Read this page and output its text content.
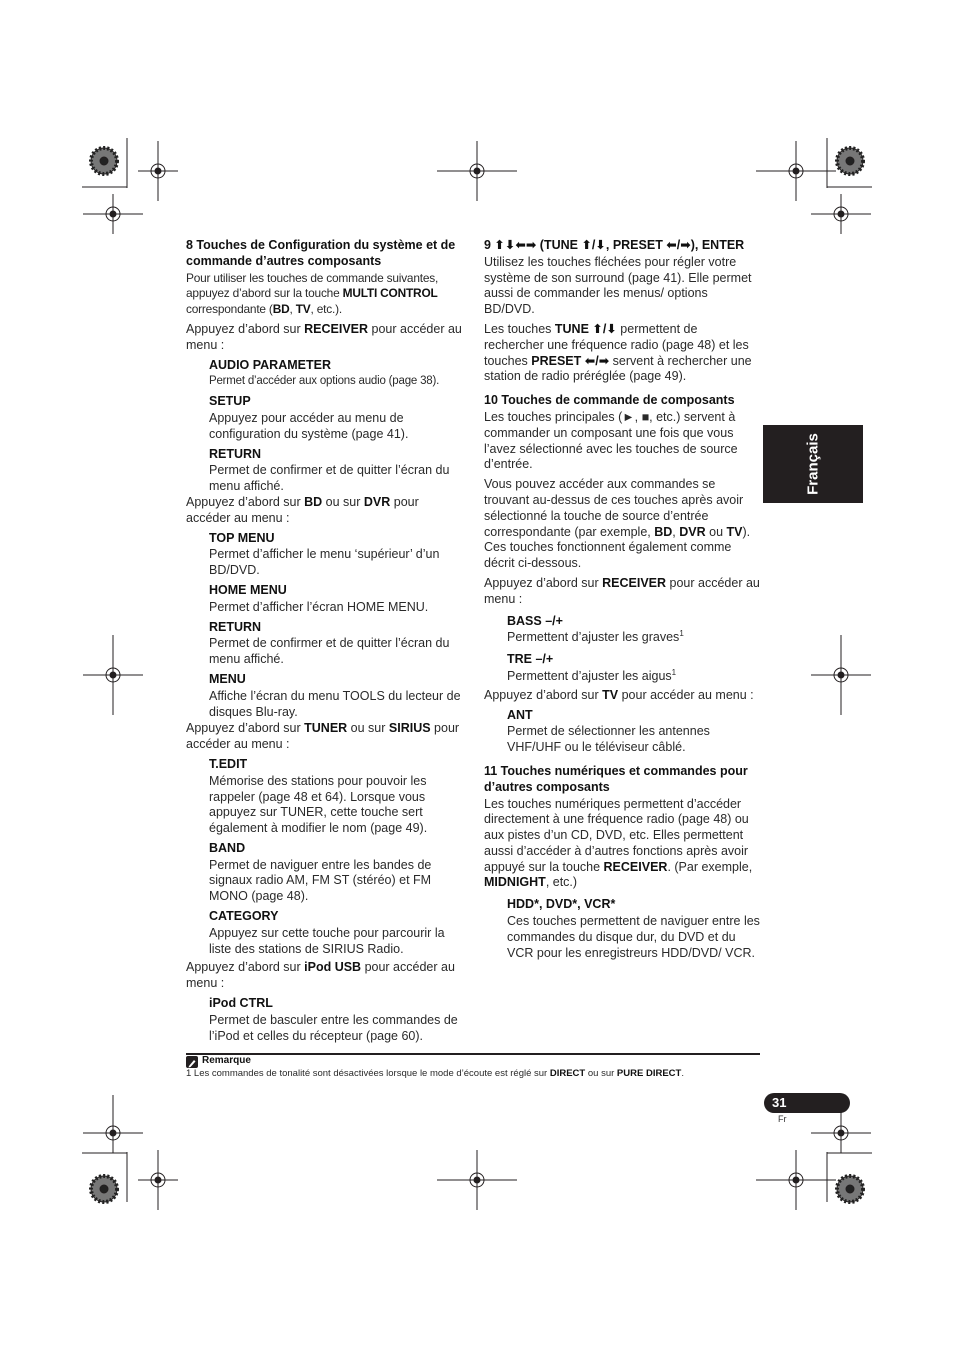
8 Touches de Configuration du système et de commande d’autres composants
Pour utiliser les touches de commande suivantes, appuyez d’abord sur la touche MULTI CONTROL correspondante (BD, TV, etc.).
Appuyez d’abord sur RECEIVER pour accéder au menu :
AUDIO PARAMETER
Permet d’accéder aux options audio (page 38).
SETUP
Appuyez pour accéder au menu de configuration du système (page 41).
RETURN
Permet de confirmer et de quitter l’écran du menu affiché.
Appuyez d’abord sur BD ou sur DVR pour accéder au menu :
TOP MENU
Permet d’afficher le menu ‘supérieur’ d’un BD/DVD.
HOME MENU
Permet d’afficher l’écran HOME MENU.
RETURN
Permet de confirmer et de quitter l’écran du menu affiché.
MENU
Affiche l’écran du menu TOOLS du lecteur de disques Blu-ray.
Appuyez d’abord sur TUNER ou sur SIRIUS pour accéder au menu :
T.EDIT
Mémorise des stations pour pouvoir les rappeler (page 48 et 64). Lorsque vous appuyez sur TUNER, cette touche sert également à modifier le nom (page 49).
BAND
Permet de naviguer entre les bandes de signaux radio AM, FM ST (stéréo) et FM MONO (page 48).
CATEGORY
Appuyez sur cette touche pour parcourir la liste des stations de SIRIUS Radio.
Appuyez d’abord sur iPod USB pour accéder au menu :
iPod CTRL
Permet de basculer entre les commandes de l’iPod et celles du récepteur (page 60).
9 ⬆⬇⬅➡ (TUNE ⬆/⬇, PRESET ⬅/➡), ENTER
Utilisez les touches fléchées pour régler votre système de son surround (page 41). Elle permet aussi de commander les menus/ options BD/DVD.
Les touches TUNE ⬆/⬇ permettent de rechercher une fréquence radio (page 48) et les touches PRESET ⬅/➡ servent à rechercher une station de radio préréglée (page 49).
10 Touches de commande de composants
Les touches principales (►, ■, etc.) servent à commander un composant une fois que vous l’avez sélectionné avec les touches de source d’entrée.
Vous pouvez accéder aux commandes se trouvant au-dessus de ces touches après avoir sélectionné la touche de source d’entrée correspondante (par exemple, BD, DVR ou TV). Ces touches fonctionnent également comme décrit ci-dessous.
Appuyez d’abord sur RECEIVER pour accéder au menu :
BASS –/+
Permettent d’ajuster les graves$^1$
TRE –/+
Permettent d’ajuster les aigus$^1$
Appuyez d’abord sur TV pour accéder au menu :
ANT
Permet de sélectionner les antennes VHF/UHF ou le téléviseur câblé.
11 Touches numériques et commandes pour d’autres composants
Les touches numériques permettent d’accéder directement à une fréquence radio (page 48) ou aux pistes d’un CD, DVD, etc. Elles permettent aussi d’accéder à d’autres fonctions après avoir appuyé sur la touche RECEIVER. (Par exemple, MIDNIGHT, etc.)
HDD*, DVD*, VCR*
Ces touches permettent de naviguer entre les commandes du disque dur, du DVD et du VCR pour les enregistreurs HDD/DVD/ VCR.
Français
Remarque
1 Les commandes de tonalité sont désactivées lorsque le mode d’écoute est réglé sur DIRECT ou sur PURE DIRECT.
31
Fr
